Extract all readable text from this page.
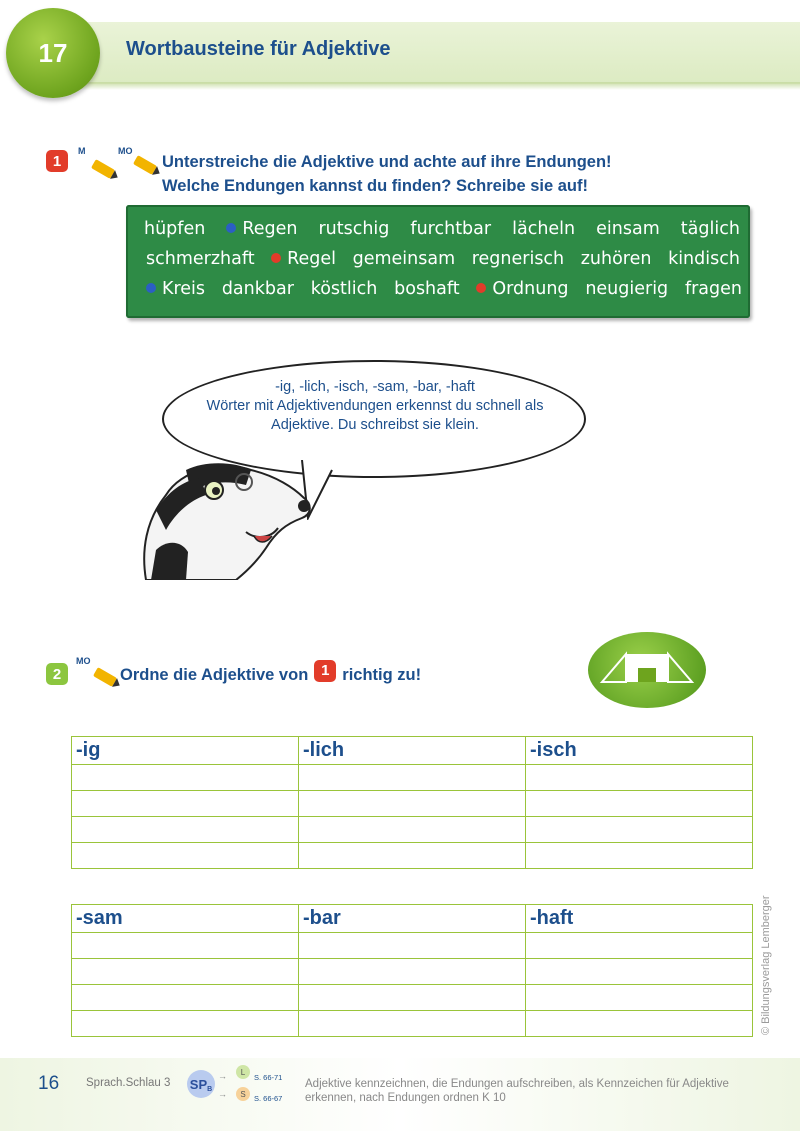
17	Wortbausteine für Adjektive
1
M	MO
Unterstreiche die Adjektive und achte auf ihre Endungen!
Welche Endungen kannst du finden? Schreibe sie auf!
hüpfen	Regen rutschig furchtbar lächeln einsam täglich
schmerzhaft	Regel gemeinsam regnerisch zuhören kindisch
Kreis dankbar köstlich boshaft	Ordnung neugierig fragen
-ig, -lich, -isch, -sam, -bar, -haft
Wörter mit Adjektivendungen erkennst du schnell als
Adjektive. Du schreibst sie klein.
2
MO
Ordne die Adjektive von 1 richtig zu!
-ig	-lich	-isch

-sam	-bar	-haft

			© Bildungsverlag Lemberger
16 Sprach.Schlau 3 SP B
→
→
L
S. 66-71
S S. 66-67
Adjektive kennzeichnen, die Endungen aufschreiben, als Kennzeichen für Adjektive erkennen, nach Endungen ordnen K 10
